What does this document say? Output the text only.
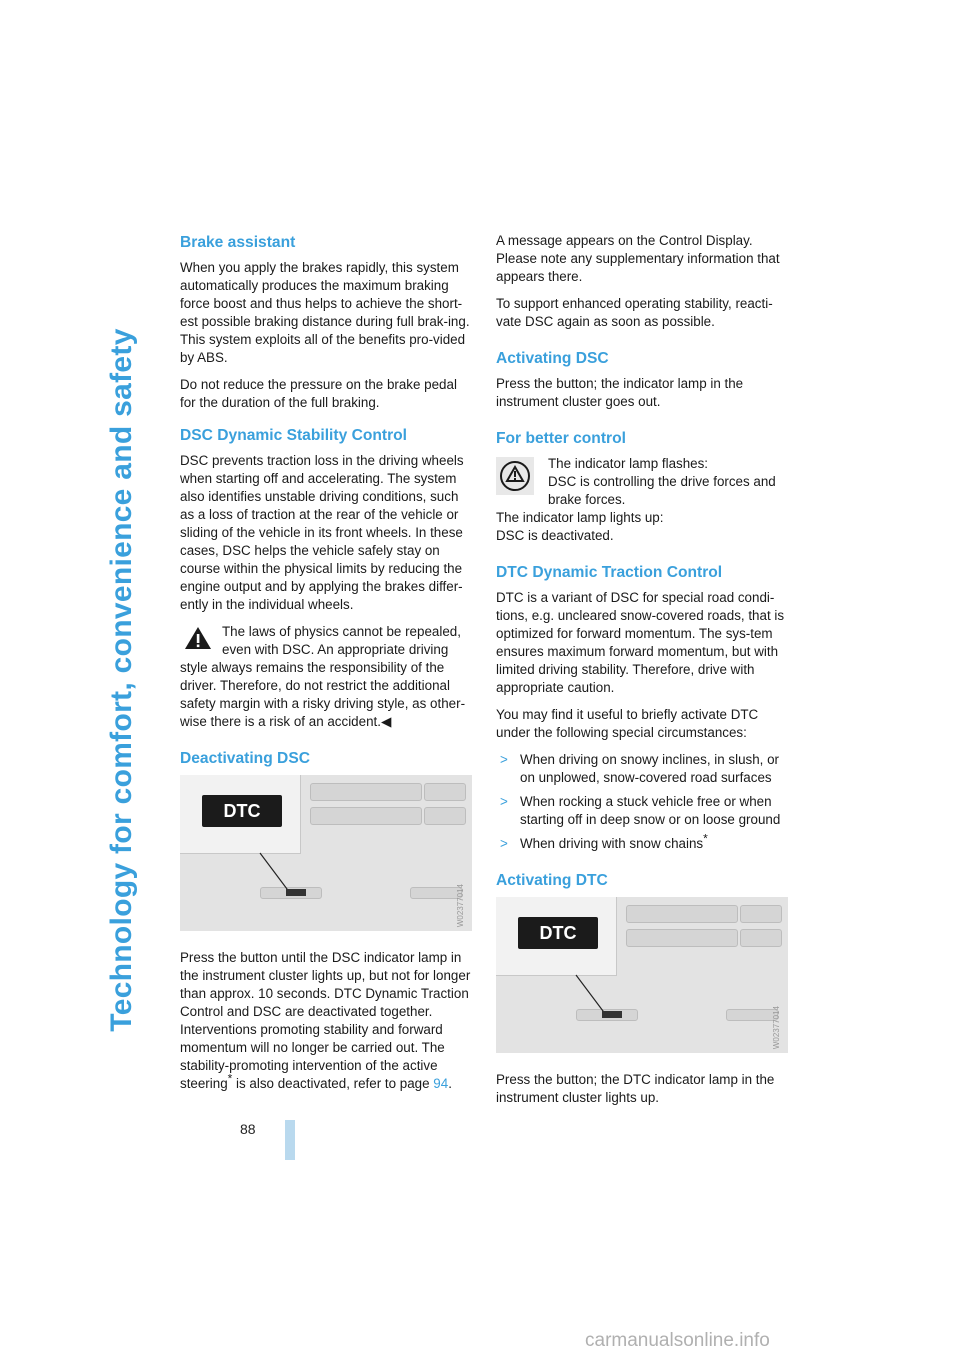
Technology for comfort, convenience and safety
Brake assistant

When you apply the brakes rapidly, this system automatically produces the maximum braking force boost and thus helps to achieve the short-est possible braking distance during full brak-ing. This system exploits all of the benefits pro-vided by ABS.

Do not reduce the pressure on the brake pedal for the duration of the full braking.

DSC Dynamic Stability Control

DSC prevents traction loss in the driving wheels when starting off and accelerating. The system also identifies unstable driving conditions, such as a loss of traction at the rear of the vehicle or sliding of the vehicle in its front wheels. In these cases, DSC helps the vehicle safely stay on course within the physical limits by reducing the engine output and by applying the brakes differ-ently in the individual wheels.

The laws of physics cannot be repealed, even with DSC. An appropriate driving style always remains the responsibility of the driver. Therefore, do not restrict the additional safety margin with a risky driving style, as other-wise there is a risk of an accident.◀

Deactivating DSC
DTC
W02377014

Press the button until the DSC indicator lamp in the instrument cluster lights up, but not for longer than approx. 10 seconds. DTC Dynamic Traction Control and DSC are deactivated together. Interventions promoting stability and forward momentum will no longer be carried out. The stability-promoting intervention of the active steering* is also deactivated, refer to page 94.

A message appears on the Control Display. Please note any supplementary information that appears there.

To support enhanced operating stability, reacti-vate DSC again as soon as possible.

Activating DSC

Press the button; the indicator lamp in the instrument cluster goes out.

For better control
The indicator lamp flashes:
DSC is controlling the drive forces and brake forces.
The indicator lamp lights up:

DSC is deactivated.

DTC Dynamic Traction Control

DTC is a variant of DSC for special road condi-tions, e.g. uncleared snow-covered roads, that is optimized for forward momentum. The sys-tem ensures maximum forward momentum, but with limited driving stability. Therefore, drive with appropriate caution.

You may find it useful to briefly activate DTC under the following special circumstances:

> When driving on snowy inclines, in slush, or on unplowed, snow-covered road surfaces
> When rocking a stuck vehicle free or when starting off in deep snow or on loose ground
> When driving with snow chains*
Activating DTC
DTC
W02377014

Press the button; the DTC indicator lamp in the instrument cluster lights up.

88
carmanualsonline.info
